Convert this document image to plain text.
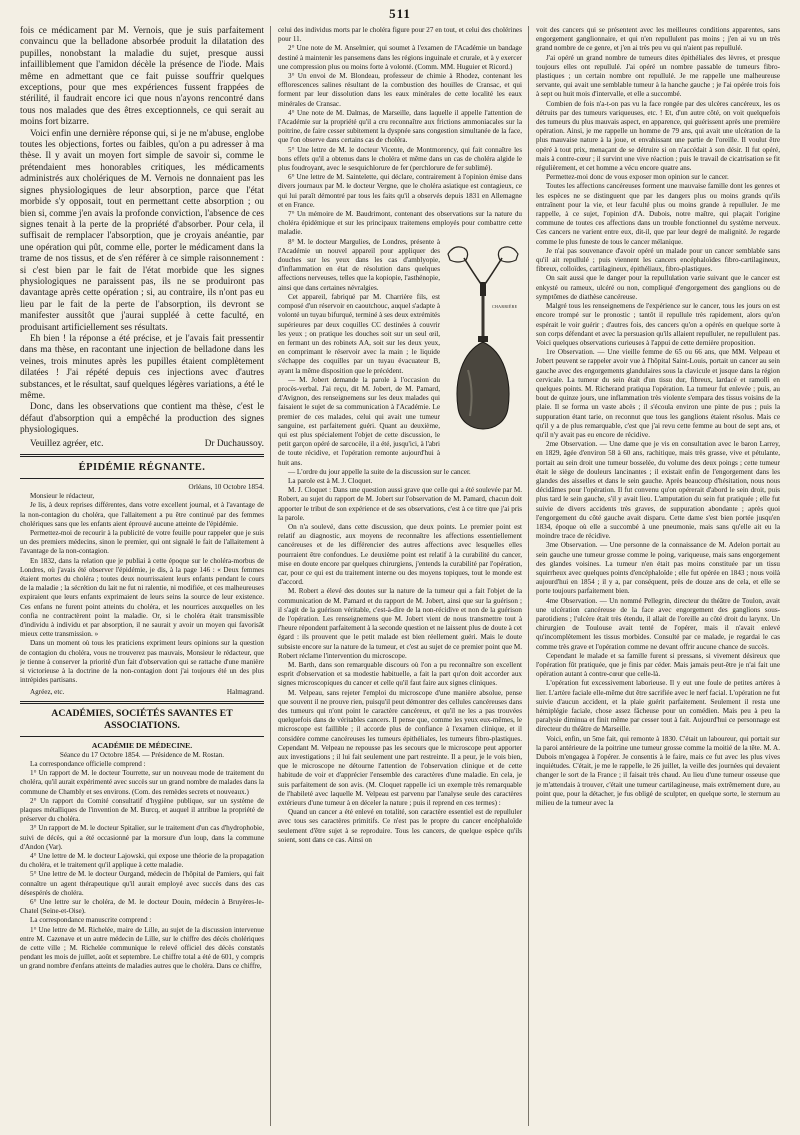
511

fois ce médicament par M. Vernois, que je suis parfaitement convaincu que la belladone absorbée produit la dilatation des pupilles, nonobstant la maladie du sujet, presque aussi infailliblement que l'amidon décèle la présence de l'iode. Mais même en admettant que ce fait puisse souffrir quelques exceptions, pour que mes expériences fussent frappées de stérilité, il faudrait encore ici que nous n'ayons rencontré dans tous nos malades que des êtres exceptionnels, ce qui serait au moins fort bizarre.

Voici enfin une dernière réponse qui, si je ne m'abuse, englobe toutes les objections, fortes ou faibles, qu'on a pu adresser à ma thèse. Il y avait un moyen fort simple de savoir si, comme le prétendaient mes honorables critiques, les médicaments administrés aux cholériques de M. Vernois ne donnaient pas les signes physiologiques de leur absorption, parce que l'état morbide s'y opposait, tout en permettant cette absorption ; ou bien si, comme j'en avais la profonde conviction, l'absence de ces signes tenait à la perte de la propriété d'absorber. Pour cela, il suffisait de remplacer l'absorption, que je croyais anéantie, par une opération qui pût, comme elle, porter le médicament dans la trame de nos tissus, et de s'en référer à ce simple raisonnement : si c'est bien par le fait de l'état morbide que les signes physiologiques ne paraissent pas, ils ne se produiront pas davantage après cette opération ; si, au contraire, ils n'ont pas eu lieu par le fait de la perte de l'absorption, ils devront se manifester aussitôt que j'aurai suppléé à cette faculté, en produisant artificiellement ses résultats.

Eh bien ! la réponse a été précise, et je l'avais fait pressentir dans ma thèse, en racontant une injection de belladone dans les veines, trois minutes après les pupilles étaient complètement dilatées ! J'ai répété depuis ces injections avec d'autres substances, et le résultat, sauf quelques légères variations, a été le même.

Donc, dans les observations que contient ma thèse, c'est le défaut d'absorption qui a empêché la production des signes physiologiques.

Veuillez agréer, etc.	Dr Duchaussoy.

ÉPIDÉMIE RÉGNANTE.

Orléans, 10 Octobre 1854.

Monsieur le rédacteur,

Je lis, à deux reprises différentes, dans votre excellent journal, et à l'avantage de la non-contagion du choléra, que l'allaitement a pu être continué par des femmes cholériques sans que les enfants aient éprouvé aucune atteinte de l'épidémie.

Permettez-moi de recourir à la publicité de votre feuille pour rappeler que je suis un des premiers médecins, sinon le premier, qui ont signalé le fait de l'allaitement à l'avantage de la non-contagion.

En 1832, dans la relation que je publiai à cette époque sur le choléra-morbus de Londres, où j'avais été observer l'épidémie, je dis, à la page 146 : « Deux femmes étaient mortes du choléra ; toutes deux nourrissaient leurs enfants pendant le cours de la maladie ; la sécrétion du lait ne fut ni ralentie, ni modifiée, et ces malheureuses expiraient que leurs enfants exprimaient de leurs seins la source de leur existence. Ces enfans ne furent point atteints du choléra, et les nourrices auxquelles on les confia ne contractèrent point la maladie. Or, si le choléra était transmissible d'individu à individu et par absorption, il ne saurait y avoir un moyen qui favorisât mieux cette transmission. »

Dans un moment où tous les praticiens expriment leurs opinions sur la question de contagion du choléra, vous ne trouverez pas mauvais, Monsieur le rédacteur, que je tienne à conserver la priorité d'un fait d'observation qui se rattache d'une manière si victorieuse à la doctrine de la non-contagion dont j'ai toujours été un des plus intrépides partisans.

Agréez, etc.	Halmagrand.

ACADÉMIES, SOCIÉTÉS SAVANTES ET ASSOCIATIONS.
ACADÉMIE DE MÉDECINE.

Séance du 17 Octobre 1854. — Présidence de M. Rostan.

La correspondance officielle comprend :

1° Un rapport de M. le docteur Tourrette, sur un nouveau mode de traitement du choléra, qu'il aurait expérimenté avec succès sur un grand nombre de malades dans la commune de Chambly et ses environs. (Com. des remèdes secrets et nouveaux.)

2° Un rapport du Comité consultatif d'hygiène publique, sur un système de plaques métalliques de l'invention de M. Burcq, et auquel il attribue la propriété de préserver du choléra.

3° Un rapport de M. le docteur Spitalier, sur le traitement d'un cas d'hydrophobie, suivi de décès, qui a été occasionné par la morsure d'un loup, dans la commune d'Andon (Var).

4° Une lettre de M. le docteur Lajowski, qui expose une théorie de la propagation du choléra, et le traitement qu'il applique à cette maladie.

5° Une lettre de M. le docteur Ourgand, médecin de l'hôpital de Pamiers, qui fait connaître un agent thérapeutique qu'il aurait employé avec succès dans des cas désespérés de choléra.

6° Une lettre sur le choléra, de M. le docteur Douin, médecin à Bruyères-le-Chatel (Seine-et-Oise).

La correspondance manuscrite comprend :

1° Une lettre de M. Richelée, maire de Lille, au sujet de la discussion intervenue entre M. Cazenave et un autre médecin de Lille, sur le chiffre des décès cholériques de cette ville ; M. Richelée communique le relevé officiel des décès constatés pendant les mois de juillet, août et septembre. Le chiffre total a été de 601, y compris un grand nombre d'enfans atteints de maladies autres que le choléra. Dans ce chiffre,

celui des individus morts par le choléra figure pour 27 en tout, et celui des cholérines pour 11.

2° Une note de M. Anselmier, qui soumet à l'examen de l'Académie un bandage destiné à maintenir les pansemens dans les régions inguinale et crurale, et à y exercer une compression plus ou moins forte à volonté. (Comm. MM. Huguier et Ricord.)

3° Un envoi de M. Blondeau, professeur de chimie à Rhodez, contenant les efflorescences salines résultant de la combustion des houilles de Cransac, et qui forment par leur dissolution dans les eaux minérales de cette localité les eaux minérales de Cransac.

4° Une note de M. Dalmas, de Marseille, dans laquelle il appelle l'attention de l'Académie sur la propriété qu'il a cru reconnaître aux frictions ammoniacales sur la poitrine, de faire cesser subitement la dyspnée sans congestion simultanée de la face, que l'on observe dans certains cas de choléra.

5° Une lettre de M. le docteur Vicente, de Montmorency, qui fait connaître les bons effets qu'il a obtenus dans le choléra et même dans un cas de choléra algide le plus foudroyant, avec le sesquichlorure de fer (perchlorure de fer sublimé).

6° Une lettre de M. Saintelette, qui déclare, contrairement à l'opinion émise dans divers journaux par M. le docteur Vergne, que le choléra asiatique est contagieux, ce qui lui paraît démontré par tous les faits qu'il a observés depuis 1831 en Allemagne et en France.

7° Un mémoire de M. Baudrimont, contenant des observations sur la nature du choléra épidémique et sur les principaux traitemens employés pour combattre cette maladie.

CHARRIÈRE

8° M. le docteur Margulies, de Londres, présente à l'Académie un nouvel appareil pour appliquer des douches sur les yeux dans les cas d'amblyopie, d'inflammation en état de résolution dans quelques affections nerveuses, telles que la kopiopie, l'asthénopie, ainsi que dans certaines névralgies.

Cet appareil, fabriqué par M. Charrière fils, est composé d'un réservoir en caoutchouc, auquel s'adapte à volonté un tuyau bifurqué, terminé à ses deux extrémités supérieures par deux coquilles CC destinées à couvrir les yeux ; on pratique les douches soit sur un seul œil, en fermant un des robinets AA, soit sur les deux yeux, en comprimant le réservoir avec la main ; le liquide s'échappe des coquilles par un tuyau évacuateur B, ayant la même disposition que le précédent.

— M. Jobert demande la parole à l'occasion du procès-verbal. J'ai reçu, dit M. Jobert, de M. Pamard, d'Avignon, des renseignemens sur les deux malades qui faisaient le sujet de sa communication à l'Académie. Le premier de ces malades, celui qui avait une tumeur sanguine, est parfaitement guéri. Quant au deuxième, qui est plus spécialement l'objet de cette discussion, le petit garçon opéré de sarcocèle, il a été, jusqu'ici, à l'abri de toute récidive, et l'opération remonte aujourd'hui à huit ans.

— L'ordre du jour appelle la suite de la discussion sur le cancer.

La parole est à M. J. Cloquet.

M. J. Cloquet : Dans une question aussi grave que celle qui a été soulevée par M. Robert, au sujet du rapport de M. Jobert sur l'observation de M. Pamard, chacun doit apporter le tribut de son expérience et de ses observations, c'est à ce titre que j'ai pris la parole.

On n'a soulevé, dans cette discussion, que deux points. Le premier point est relatif au diagnostic, aux moyens de reconnaître les affections essentiellement cancéreuses et de les différencier des autres affections avec lesquelles elles pourraient être confondues. Le deuxième point est relatif à la curabilité du cancer, mise en doute encore par quelques chirurgiens, j'entends la curabilité par l'opération, car, pour ce qui est du traitement interne ou des moyens topiques, tout le monde est d'accord.

M. Robert a élevé des doutes sur la nature de la tumeur qui a fait l'objet de la communication de M. Pamard et du rapport de M. Jobert, ainsi que sur la guérison ; il s'agit de la guérison véritable, c'est-à-dire de la non-récidive et non de la guérison de l'opération. Les renseignemens que M. Jobert vient de nous transmettre tout à l'heure répondent parfaitement à la seconde question et ne laissent plus de doute à cet égard : ils prouvent que le petit malade est bien réellement guéri. Mais le doute subsiste encore sur la nature de la tumeur, et c'est au sujet de ce premier point que M. Robert réclame l'intervention du microscope.

M. Barth, dans son remarquable discours où l'on a pu reconnaître son excellent esprit d'observation et sa modestie habituelle, a fait la part qu'on doit accorder aux signes microscopiques du cancer et celle qu'il faut faire aux signes cliniques.

M. Velpeau, sans rejeter l'emploi du microscope d'une manière absolue, pense que souvent il ne prouve rien, puisqu'il peut démontrer des cellules cancéreuses dans des tumeurs qui n'ont point le caractère cancéreux, et qu'il ne les a pas trouvées quelquefois dans de véritables cancers. Il pense que, comme les yeux eux-mêmes, le microscope est faillible ; il accorde plus de confiance à l'examen clinique, et il considère comme cancéreuses les tumeurs épithéliales, les tumeurs fibro-plastiques. Cependant M. Velpeau ne repousse pas les secours que le microscope peut apporter aux investigations ; il lui fait seulement une part restreinte. Il a peur, je le vois bien, que le microscope ne détourne l'attention de l'observation clinique et de cette habitude de voir et d'apprécier l'ensemble des caractères d'une maladie. En cela, je suis parfaitement de son avis. (M. Cloquet rappelle ici un exemple très remarquable de l'habileté avec laquelle M. Velpeau est parvenu par l'analyse seule des caractères extérieurs d'une tumeur à en déceler la nature ; puis il reprend en ces termes) :

Quand un cancer a été enlevé en totalité, son caractère essentiel est de repulluler avec tous ses caractères primitifs. Ce n'est pas le propre du cancer encéphaloïde seulement d'être sujet à se reproduire. Tous les cancers, de quelque espèce qu'ils soient, sont dans ce cas. Ainsi on

voit des cancers qui se présentent avec les meilleures conditions apparentes, sans engorgement ganglionnaire, et qui n'en repullulent pas moins ; j'en ai vu un très grand nombre de ce genre, et j'en ai très peu vu qui n'aient pas repullulé.

J'ai opéré un grand nombre de tumeurs dites épithéliales des lèvres, et presque toujours elles ont repullulé. J'ai opéré un nombre passable de tumeurs fibro-plastiques ; un certain nombre ont repullulé. Je me rappelle une malheureuse servante, qui avait une semblable tumeur à la hanche gauche ; je l'ai opérée trois fois à sept ou huit mois d'intervalle, et elle a succombé.

Combien de fois n'a-t-on pas vu la face rongée par des ulcères cancéreux, les os détruits par des tumeurs variqueuses, etc. ! Et, d'un autre côté, on voit quelquefois des tumeurs du plus mauvais aspect, en apparence, qui guérissent après une première opération. Ainsi, je me rappelle un homme de 79 ans, qui avait une ulcération de la plus mauvaise nature à la joue, et envahissant une partie de l'oreille. Il voulut être opéré à tout prix, menaçant de se détruire si on n'accédait à son désir. Il fut opéré, mais à contre-cœur ; il survint une vive réaction ; puis le travail de cicatrisation se fit régulièrement, et cet homme a vécu encore quatre ans.

Permettez-moi donc de vous exposer mon opinion sur le cancer.

Toutes les affections cancéreuses forment une mauvaise famille dont les genres et les espèces ne se distinguent que par les dangers plus ou moins grands qu'ils entraînent pour la vie, et leur faculté plus ou moins grande à repulluler. Je me rappelle, à ce sujet, l'opinion d'A. Dubois, notre maître, qui plaçait l'origine commune de toutes ces affections dans un trouble fonctionnel du système nerveux. Ces cancers ne varient entre eux, dit-il, que par leur degré de malignité. Je regarde comme le plus funeste de tous le cancer mélanique.

Je n'ai pas souvenance d'avoir opéré un malade pour un cancer semblable sans qu'il ait repullulé ; puis viennent les cancers encéphaloïdes fibro-cartilagineux, fibreux, colloïdes, cartilagineux, épithéliaux, fibro-plastiques.

On sait aussi que le danger pour la repullulation varie suivant que le cancer est enkysté ou rameux, ulcéré ou non, compliqué d'engorgement des ganglions ou de symptômes de diathèse cancéreuse.

Malgré tous les renseignemens de l'expérience sur le cancer, tous les jours on est encore trompé sur le pronostic ; tantôt il repullule très rapidement, alors qu'on espérait le voir guérir ; d'autres fois, des cancers qu'on a opérés en quelque sorte à son corps défendant et avec la persuasion qu'ils allaient repulluler, ne repullulent pas. Voici quelques observations curieuses à l'appui de cette dernière proposition.

1re Observation. — Une vieille femme de 65 ou 66 ans, que MM. Velpeau et Jobert peuvent se rappeler avoir vue à l'hôpital Saint-Louis, portait un cancer au sein gauche avec des engorgements glandulaires sous la clavicule et jusque dans la région cervicale. La tumeur du sein était d'un tissu dur, fibreux, lardacé et ramolli en quelques points. M. Richerand pratiqua l'opération. La tumeur fut enlevée ; puis, au bout de quinze jours, une inflammation très violente s'empara des tissus voisins de la plaie. Il se forma un vaste abcès ; il s'écoula environ une pinte de pus ; puis la suppuration étant tarie, on reconnut que tous les ganglions étaient résolus. Mais ce qu'il y a de plus remarquable, c'est que j'ai revu cette femme au bout de sept ans, et qu'il n'y avait pas eu encore de récidive.

2me Observation. — Une dame que je vis en consultation avec le baron Larrey, en 1829, âgée d'environ 58 à 60 ans, rachitique, mais très grasse, vive et pétulante, portait au sein droit une tumeur bosselée, du volume des deux poings ; cette tumeur était le siège de douleurs lancinantes ; il existait enfin de l'engorgement dans les glandes des aisselles et dans le sein gauche. Après beaucoup d'hésitation, nous nous décidâmes pour l'opération. Il fut convenu qu'on opérerait d'abord le sein droit, puis plus tard le sein gauche, s'il y avait lieu. L'amputation du sein fut pratiquée ; elle fut suivie de divers accidents très graves, de suppuration abondante ; après quoi l'engorgement du côté gauche avait disparu. Cette dame s'est bien portée jusqu'en 1834, époque où elle a succombé à une pneumonie, mais sans qu'elle ait eu la moindre trace de récidive.

3me Observation. — Une personne de la connaissance de M. Adelon portait au sein gauche une tumeur grosse comme le poing, variqueuse, mais sans engorgement des glandes voisines. La tumeur n'en était pas moins constituée par un tissu squirrheux avec quelques points d'encéphaloïde ; elle fut opérée en 1843 ; nous voilà aujourd'hui en 1854 ; il y a, par conséquent, près de douze ans de cela, et elle se porte toujours parfaitement bien.

4me Observation. — Un nommé Pellegrin, directeur du théâtre de Toulon, avait une ulcération cancéreuse de la face avec engorgement des ganglions sous-parotidiens ; l'ulcère était très étendu, il allait de l'oreille au côté droit du larynx. Un chirurgien de Toulouse avait tenté de l'opérer, mais il n'avait enlevé qu'incomplètement les tissus morbides. Consulté par ce malade, je regardai le cas comme très grave et l'opération comme ne devant offrir aucune chance de succès.

Cependant le malade et sa famille furent si pressans, si vivement désireux que l'opération fût pratiquée, que je finis par céder. Mais jamais peut-être je n'ai fait une opération autant à contre-cœur que celle-là.

L'opération fut excessivement laborieuse. Il y eut une foule de petites artères à lier. L'artère faciale elle-même dut être sacrifiée avec le nerf facial. L'opération ne fut suivie d'aucun accident, et la plaie guérit parfaitement. Seulement il resta une hémiplégie faciale, chose assez fâcheuse pour un comédien. Mais peu à peu la paralysie diminua et finit même par cesser tout à fait. Aujourd'hui ce personnage est directeur du théâtre de Marseille.

Voici, enfin, un 5me fait, qui remonte à 1830. C'était un laboureur, qui portait sur la paroi antérieure de la poitrine une tumeur grosse comme la moitié de la tête. M. A. Dubois m'engagea à l'opérer. Je consentis à le faire, mais ce fut avec les plus vives inquiétudes. C'était, je me le rappelle, le 26 juillet, la veille des journées qui devaient changer le sort de la France ; il faisait très chaud. Au lieu d'une tumeur osseuse que je m'attendais à trouver, c'était une tumeur cartilagineuse, mais extrêmement dure, au point que, pour la détacher, je fus obligé de sculpter, en quelque sorte, le sternum au milieu de la tumeur avec la
